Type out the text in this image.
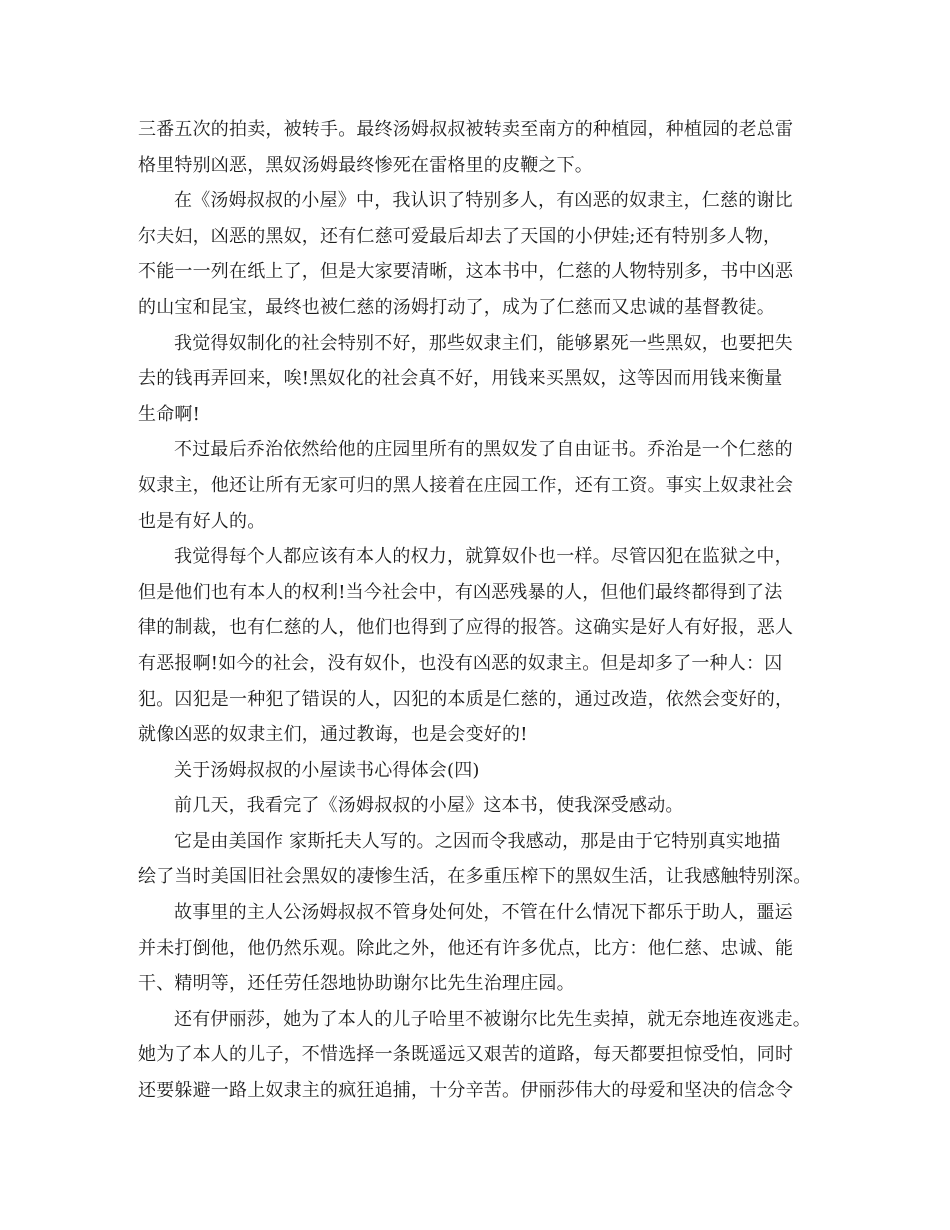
三番五次的拍卖，被转手。最终汤姆叔叔被转卖至南方的种植园，种植园的老总雷
格里特别凶恶，黑奴汤姆最终惨死在雷格里的皮鞭之下。
在《汤姆叔叔的小屋》中，我认识了特别多人，有凶恶的奴隶主，仁慈的谢比
尔夫妇，凶恶的黑奴，还有仁慈可爱最后却去了天国的小伊娃;还有特别多人物，
不能一一列在纸上了，但是大家要清晰，这本书中，仁慈的人物特别多，书中凶恶
的山宝和昆宝，最终也被仁慈的汤姆打动了，成为了仁慈而又忠诚的基督教徒。
我觉得奴制化的社会特别不好，那些奴隶主们，能够累死一些黑奴，也要把失
去的钱再弄回来，唉!黑奴化的社会真不好，用钱来买黑奴，这等因而用钱来衡量
生命啊!
不过最后乔治依然给他的庄园里所有的黑奴发了自由证书。乔治是一个仁慈的
奴隶主，他还让所有无家可归的黑人接着在庄园工作，还有工资。事实上奴隶社会
也是有好人的。
我觉得每个人都应该有本人的权力，就算奴仆也一样。尽管囚犯在监狱之中，
但是他们也有本人的权利!当今社会中，有凶恶残暴的人，但他们最终都得到了法
律的制裁，也有仁慈的人，他们也得到了应得的报答。这确实是好人有好报，恶人
有恶报啊!如今的社会，没有奴仆，也没有凶恶的奴隶主。但是却多了一种人：囚
犯。囚犯是一种犯了错误的人，囚犯的本质是仁慈的，通过改造，依然会变好的，
就像凶恶的奴隶主们，通过教诲，也是会变好的!
关于汤姆叔叔的小屋读书心得体会(四)
前几天，我看完了《汤姆叔叔的小屋》这本书，使我深受感动。
它是由美国作 家斯托夫人写的。之因而令我感动，那是由于它特别真实地描
绘了当时美国旧社会黑奴的凄惨生活，在多重压榨下的黑奴生活，让我感触特别深。
故事里的主人公汤姆叔叔不管身处何处，不管在什么情况下都乐于助人，噩运
并未打倒他，他仍然乐观。除此之外，他还有许多优点，比方：他仁慈、忠诚、能
干、精明等，还任劳任怨地协助谢尔比先生治理庄园。
还有伊丽莎，她为了本人的儿子哈里不被谢尔比先生卖掉，就无奈地连夜逃走。
她为了本人的儿子，不惜选择一条既遥远又艰苦的道路，每天都要担惊受怕，同时
还要躲避一路上奴隶主的疯狂追捕，十分辛苦。伊丽莎伟大的母爱和坚决的信念令
